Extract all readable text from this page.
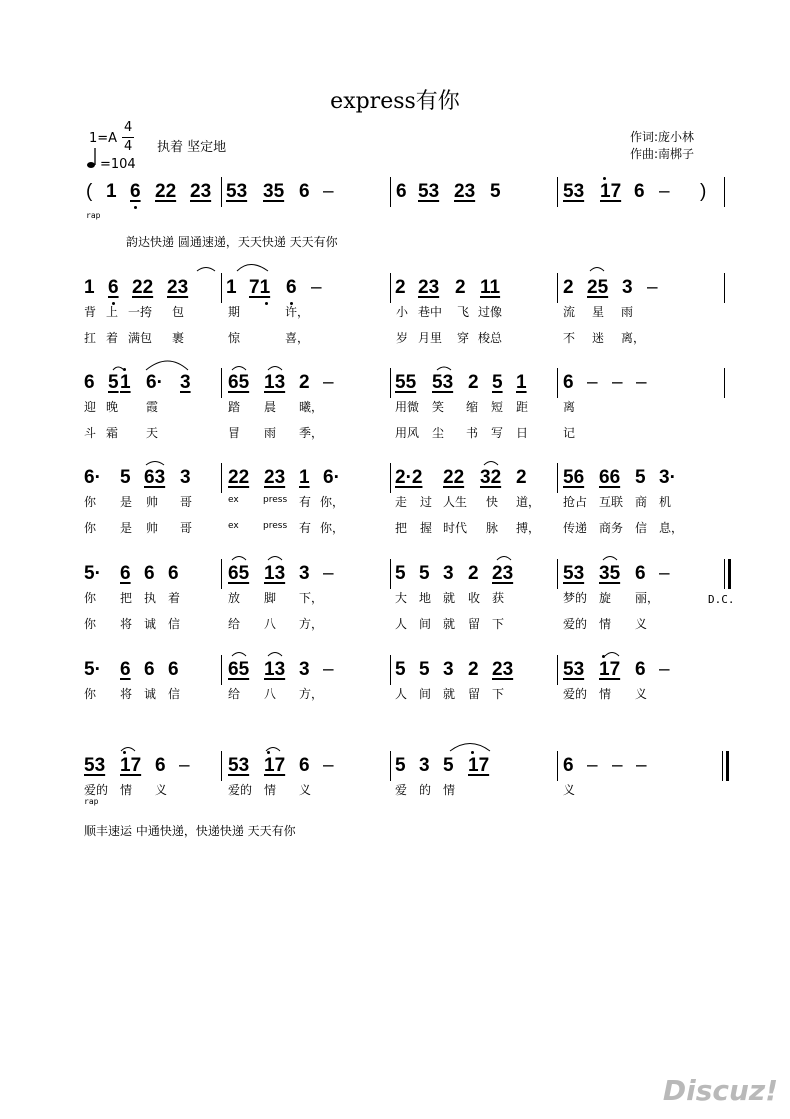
express有你
1=A
4
4
=104
执着 坚定地
作词:庞小林
作曲:南梆子
( 1 6 22 23 53 35 6 –	6 53 23 5	53 17 6 – )
rap
韵达快递 圆通速递，天天快递 天天有你
1 6 22 23 1 71 6 –	2 23 2 11	2 25 3 –
背 上 一挎 包	期	许，	小 巷中 飞 过像	流 星 雨
扛 着 满包 裹	惊	喜，	岁 月里 穿 梭总	不 迷 离，
6 5 1 6· 3 65 13 2 –	55 53 2 5 1 6 – – –
迎 晚 霞	踏 晨 曦，	用微 笑 缩 短 距	离
斗 霜 天	冒 雨 季，	用风 尘 书 写 日	记
6· 5 63 3 22 23 1 6·	2·2 22 32 2 56 66 5 3·
你 是 帅 哥	ex	press 有 你，	走 过 人生 快 道， 抢占 互联 商 机
你 是 帅 哥	ex	press 有 你，	把 握 时代 脉 搏， 传递 商务 信 息，
5· 6 6 6	65 13 3 –	5 5 3 2 23	53 35 6 –
D.C.
你 把 执 着	放 脚 下，	大 地 就 收 获	梦的 旋 丽，
你 将 诚 信	给 八 方，	人 间 就 留 下	爱的 情 义
5· 6 6 6	65 13 3 –	5 5 3 2 23	53 17 6 –
你 将 诚 信	给 八 方，	人 间 就 留 下	爱的 情 义
53 17 6 – 53 17 6 –	5 3 5 17	6 – – –
爱的 情 义	爱的 情 义	爱 的 情	义
rap
顺丰速运 中通快递，快递快递 天天有你
Discuz!
